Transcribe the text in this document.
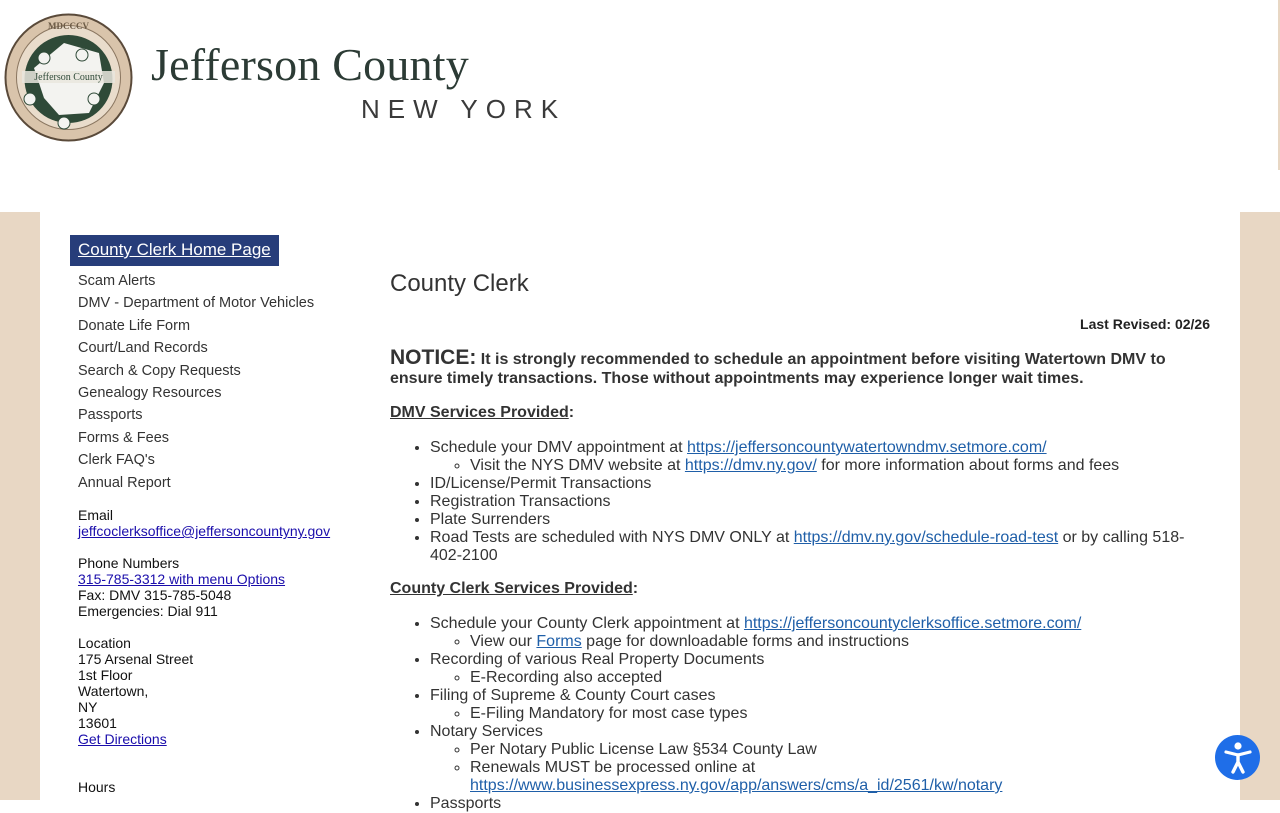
Jefferson County
MDCCCV
Jefferson County
NEW YORK
County Clerk Home Page
Scam Alerts
DMV - Department of Motor Vehicles
Donate Life Form
Court/Land Records
Search & Copy Requests
Genealogy Resources
Passports
Forms & Fees
Clerk FAQ's
Annual Report
Email
jeffcoclerksoffice@jeffersoncountyny.gov
Phone Numbers
315-785-3312 with menu Options
Fax: DMV 315-785-5048
Emergencies: Dial 911
Location
175 Arsenal Street
1st Floor
Watertown,
NY
13601
Get Directions
Hours
County Clerk
Last Revised: 02/26
NOTICE: It is strongly recommended to schedule an appointment before visiting Watertown DMV to ensure timely transactions. Those without appointments may experience longer wait times.
DMV Services Provided:
• Schedule your DMV appointment at https://jeffersoncountywatertowndmv.setmore.com/
◦ Visit the NYS DMV website at https://dmv.ny.gov/ for more information about forms and fees
• ID/License/Permit Transactions
• Registration Transactions
• Plate Surrenders
• Road Tests are scheduled with NYS DMV ONLY at https://dmv.ny.gov/schedule-road-test or by calling 518-402-2100
County Clerk Services Provided:
• Schedule your County Clerk appointment at https://jeffersoncountyclerksoffice.setmore.com/
◦ View our Forms page for downloadable forms and instructions
• Recording of various Real Property Documents
◦ E-Recording also accepted
• Filing of Supreme & County Court cases
◦ E-Filing Mandatory for most case types
• Notary Services
◦ Per Notary Public License Law §534 County Law
◦ Renewals MUST be processed online at https://www.businessexpress.ny.gov/app/answers/cms/a_id/2561/kw/notary
• Passports
